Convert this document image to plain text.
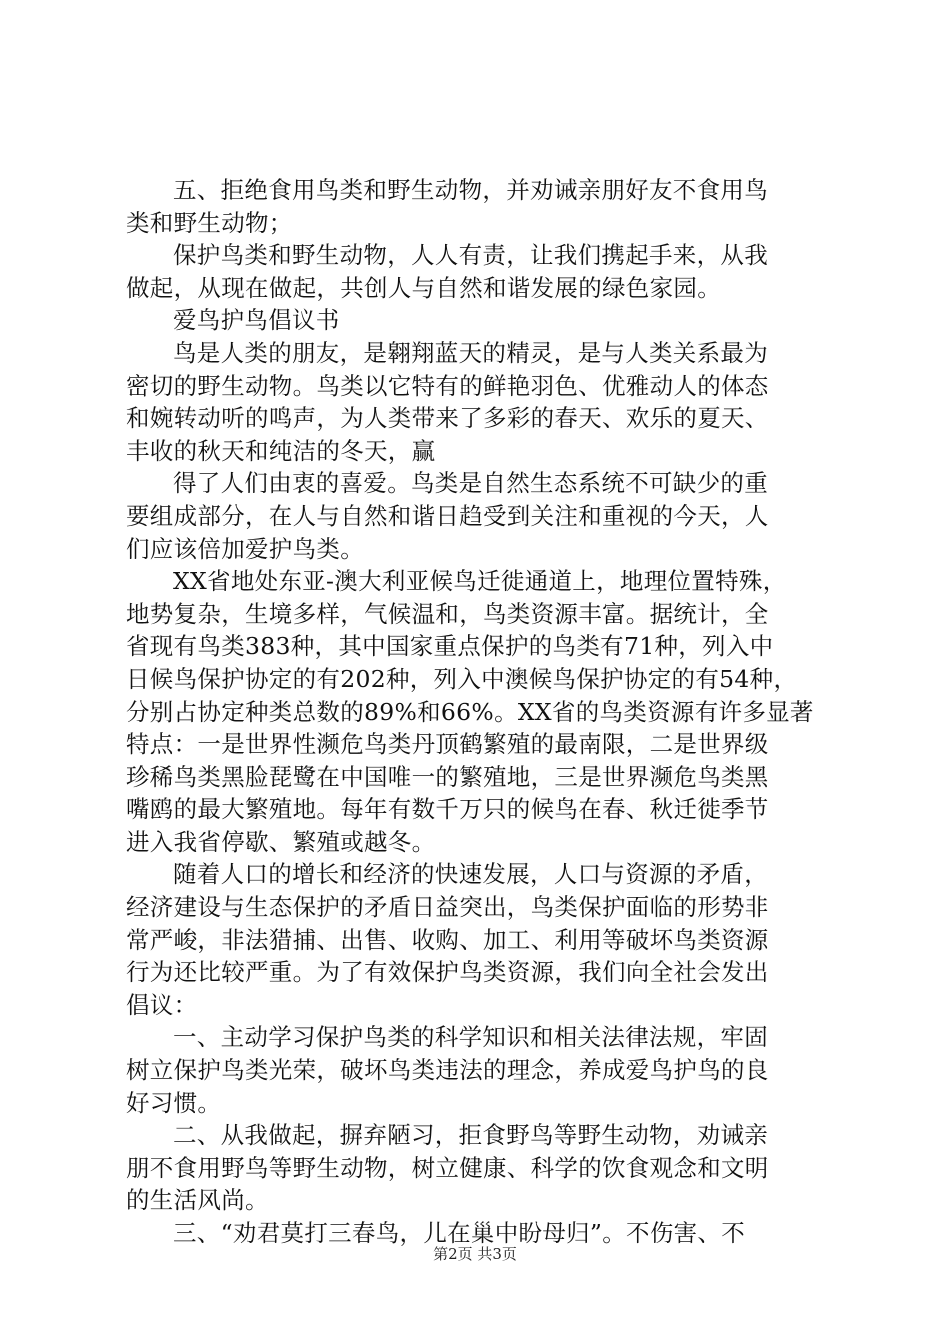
五、拒绝食用鸟类和野生动物，并劝诫亲朋好友不食用鸟
类和野生动物；
保护鸟类和野生动物，人人有责，让我们携起手来，从我
做起，从现在做起，共创人与自然和谐发展的绿色家园。
爱鸟护鸟倡议书
鸟是人类的朋友，是翱翔蓝天的精灵，是与人类关系最为
密切的野生动物。鸟类以它特有的鲜艳羽色、优雅动人的体态
和婉转动听的鸣声，为人类带来了多彩的春天、欢乐的夏天、
丰收的秋天和纯洁的冬天，赢
得了人们由衷的喜爱。鸟类是自然生态系统不可缺少的重
要组成部分，在人与自然和谐日趋受到关注和重视的今天，人
们应该倍加爱护鸟类。
XX省地处东亚-澳大利亚候鸟迁徙通道上，地理位置特殊，
地势复杂，生境多样，气候温和，鸟类资源丰富。据统计，全
省现有鸟类383种，其中国家重点保护的鸟类有71种，列入中
日候鸟保护协定的有202种，列入中澳候鸟保护协定的有54种，
分别占协定种类总数的89%和66%。XX省的鸟类资源有许多显著
特点：一是世界性濒危鸟类丹顶鹤繁殖的最南限，二是世界级
珍稀鸟类黑脸琵鹭在中国唯一的繁殖地，三是世界濒危鸟类黑
嘴鸥的最大繁殖地。每年有数千万只的候鸟在春、秋迁徙季节
进入我省停歇、繁殖或越冬。
随着人口的增长和经济的快速发展，人口与资源的矛盾，
经济建设与生态保护的矛盾日益突出，鸟类保护面临的形势非
常严峻，非法猎捕、出售、收购、加工、利用等破坏鸟类资源
行为还比较严重。为了有效保护鸟类资源，我们向全社会发出
倡议：
一、主动学习保护鸟类的科学知识和相关法律法规，牢固
树立保护鸟类光荣，破坏鸟类违法的理念，养成爱鸟护鸟的良
好习惯。
二、从我做起，摒弃陋习，拒食野鸟等野生动物，劝诫亲
朋不食用野鸟等野生动物，树立健康、科学的饮食观念和文明
的生活风尚。
三、“劝君莫打三春鸟，儿在巢中盼母归”。不伤害、不
第2页 共3页
